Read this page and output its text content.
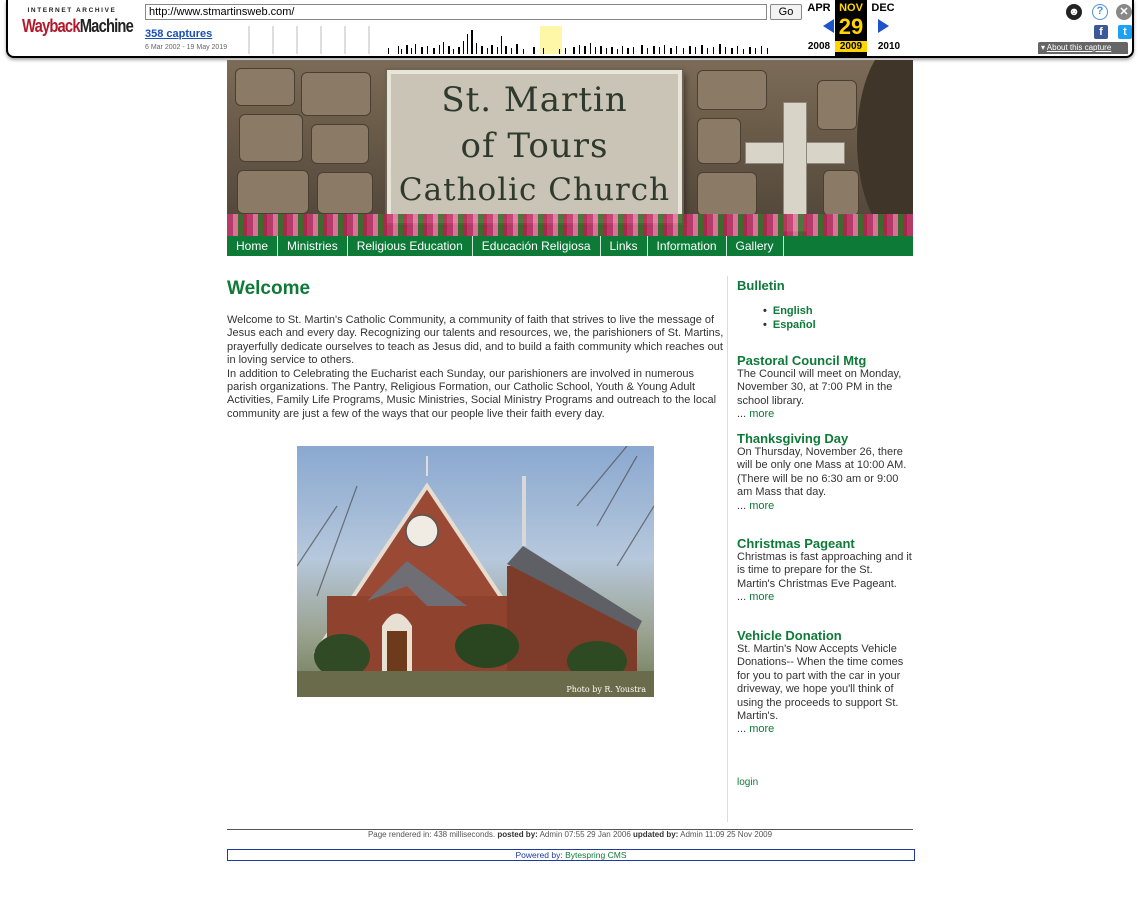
INTERNET ARCHIVE
WaybackMachine
http://www.stmartinsweb.com/
Go
358 captures
6 Mar 2002 - 19 May 2019
APR NOV
29
2009
DEC
2008	2010
☻	?	✕
f	t
▾ About this capture
St. Martin
of Tours
Catholic Church
Home	Ministries	Religious Education	Educación Religiosa	Links	Information	Gallery
Welcome
Welcome to St. Martin's Catholic Community, a community of faith that strives to live the message of Jesus each and every day. Recognizing our talents and resources, we, the parishioners of St. Martins, prayerfully dedicate ourselves to teach as Jesus did, and to build a faith community which reaches out in loving service to others.
In addition to Celebrating the Eucharist each Sunday, our parishioners are involved in numerous parish organizations. The Pantry, Religious Formation, our Catholic School, Youth & Young Adult Activities, Family Life Programs, Music Ministries, Social Ministry Programs and outreach to the local community are just a few of the ways that our people live their faith every day.
Photo by R. Youstra
Bulletin
• English
• Español
Pastoral Council Mtg
The Council will meet on Monday, November 30, at 7:00 PM in the school library.
... more
Thanksgiving Day
On Thursday, November 26, there will be only one Mass at 10:00 AM. (There will be no 6:30 am or 9:00 am Mass that day.
... more
Christmas Pageant
Christmas is fast approaching and it is time to prepare for the St. Martin's Christmas Eve Pageant.
... more
Vehicle Donation
St. Martin's Now Accepts Vehicle Donations-- When the time comes for you to part with the car in your driveway, we hope you'll think of using the proceeds to support St. Martin's.
... more
login
Page rendered in: 438 milliseconds. posted by: Admin 07:55 29 Jan 2006 updated by: Admin 11:09 25 Nov 2009
Powered by: Bytespring CMS
